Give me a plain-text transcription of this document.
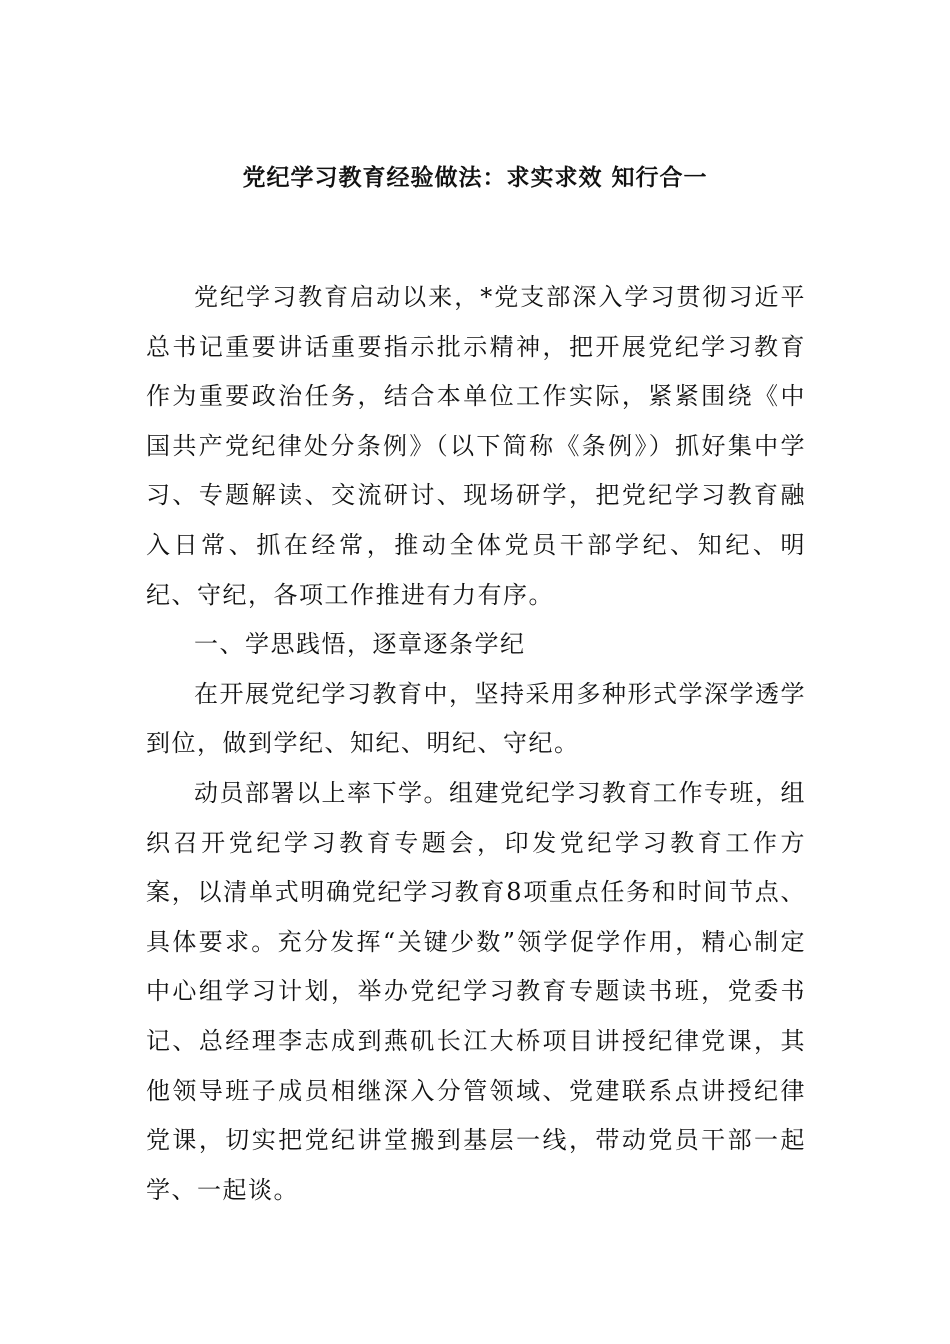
党纪学习教育经验做法：求实求效 知行合一

党纪学习教育启动以来，*党支部深入学习贯彻习近平总书记重要讲话重要指示批示精神，把开展党纪学习教育作为重要政治任务，结合本单位工作实际，紧紧围绕《中国共产党纪律处分条例》（以下简称《条例》）抓好集中学习、专题解读、交流研讨、现场研学，把党纪学习教育融入日常、抓在经常，推动全体党员干部学纪、知纪、明纪、守纪，各项工作推进有力有序。

一、学思践悟，逐章逐条学纪

在开展党纪学习教育中，坚持采用多种形式学深学透学到位，做到学纪、知纪、明纪、守纪。

动员部署以上率下学。组建党纪学习教育工作专班，组织召开党纪学习教育专题会，印发党纪学习教育工作方案，以清单式明确党纪学习教育8项重点任务和时间节点、具体要求。充分发挥“关键少数”领学促学作用，精心制定中心组学习计划，举办党纪学习教育专题读书班，党委书记、总经理李志成到燕矶长江大桥项目讲授纪律党课，其他领导班子成员相继深入分管领域、党建联系点讲授纪律党课，切实把党纪讲堂搬到基层一线，带动党员干部一起学、一起谈。
